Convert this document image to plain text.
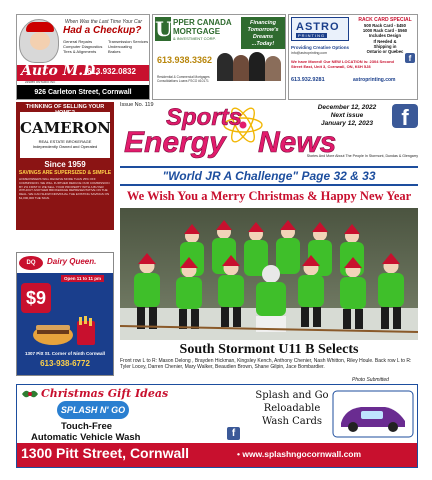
When Was the Last Time Your Car
Had a Checkup?
General Repairs
Computer Diagnostics
Tires & Alignments
Transmission Services
Undercoating
Brakes
Auto M.D.
613.932.0832
229055 ONTARIO INC
926 Carleton Street, Cornwall
U PPER CANADA
MORTGAGE
& INVESTMENT CORP.
Financing Tomorrow's Dreams ...Today!
613.938.3362
Residential & Commercial Mortgages Consolidations Loans FSCO #10171
ASTRO
PRINTING
RACK CARD SPECIAL
500 Rack Card - $450
1000 Rack Card - $560
Includes Design
If Needed &
Shipping in
Ontario or Quebec
Providing Creative Options
info@astroprinting.com
f
We have Moved! Our NEW LOCATION is: 2304 Second Street East, Unit 3, Cornwall, ON, K6H 5J8
613.932.9281	astroprinting.com
THINKING OF SELLING YOUR
CAMERON
REAL ESTATE BROKERAGE
Independently Owned and Operated
Since 1959
SAVINGS ARE SUPERSIZED & SIMPLE
HOMEOWNERS WILL RECEIVE MORE THAN 25% OFF COMMISSION. WE WILL FURTHER REDUCE OUR COMMISSION BY 2% FIRST IF WE SELL YOUR PROPERTY WITH A BUYER WITHOUT ANOTHER BROKERAGE REPRESENTATIVE ON THE DEAL. WE CAN SHOW INDIVIDUAL THE EXISTING SAVINGS ON $1,000,000 THE SIGN.
DQ	Dairy Queen.
Open 11 to 11 pm
$9
1307 Pitt St. Corner of Ninth Cornwall
613-938-6772
Issue No. 119 Sports
Energy News
December 12, 2022
Next issue
January 12, 2023	f
Stories And More About The People In Stormont, Dundas & Glengarry
"World JR A Challenge" Page 32 & 33
We Wish You a Merry Christmas & Happy New Year
South Stormont U11 B Selects
Front row L to R: Mason Delong , Brayden Hickman, Kingsley Kench, Anthony Chenier, Nash Whitton, Riley Houle. Back row L to R: Tyler Locey, Darren Chenier, Mary Walker, Beaudien Brown, Shane Gilpin, Jace Bombardier.
Photo Submitted
Christmas Gift Ideas
SPLASH N' GO
Touch-Free
Automatic Vehicle Wash	f
Splash and Go
Reloadable
Wash Cards
1300 Pitt Street, Cornwall	• www.splashngocornwall.com
